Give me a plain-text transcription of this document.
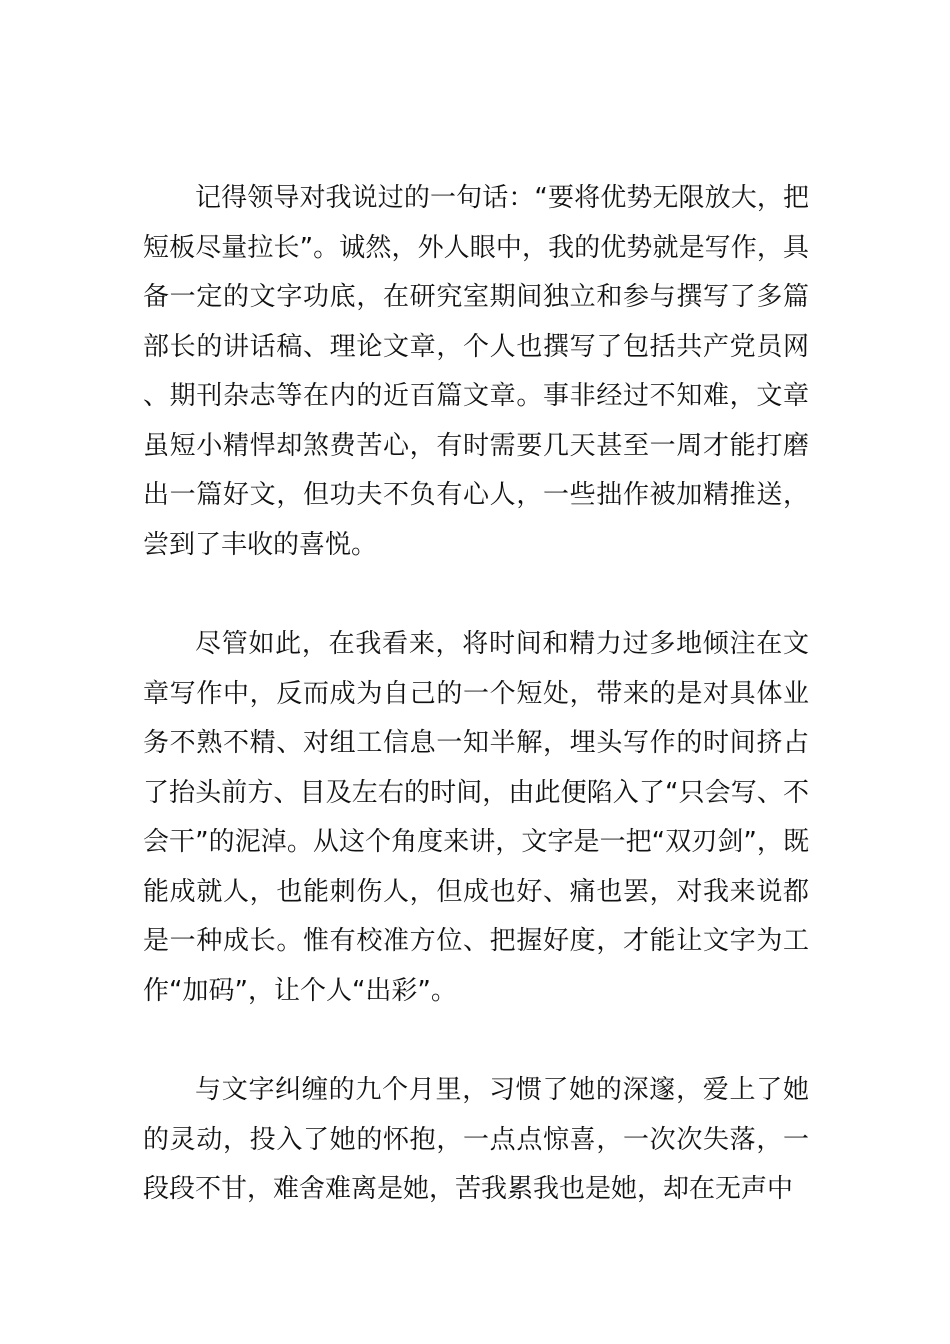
记得领导对我说过的一句话：“要将优势无限放大，把短板尽量拉长”。诚然，外人眼中，我的优势就是写作，具备一定的文字功底，在研究室期间独立和参与撰写了多篇部长的讲话稿、理论文章，个人也撰写了包括共产党员网、期刊杂志等在内的近百篇文章。事非经过不知难，文章虽短小精悍却煞费苦心，有时需要几天甚至一周才能打磨出一篇好文，但功夫不负有心人，一些拙作被加精推送，尝到了丰收的喜悦。

尽管如此，在我看来，将时间和精力过多地倾注在文章写作中，反而成为自己的一个短处，带来的是对具体业务不熟不精、对组工信息一知半解，埋头写作的时间挤占了抬头前方、目及左右的时间，由此便陷入了“只会写、不会干”的泥淖。从这个角度来讲，文字是一把“双刃剑”，既能成就人，也能刺伤人，但成也好、痛也罢，对我来说都是一种成长。惟有校准方位、把握好度，才能让文字为工作“加码”，让个人“出彩”。

与文字纠缠的九个月里，习惯了她的深邃，爱上了她的灵动，投入了她的怀抱，一点点惊喜，一次次失落，一段段不甘，难舍难离是她，苦我累我也是她，却在无声中
